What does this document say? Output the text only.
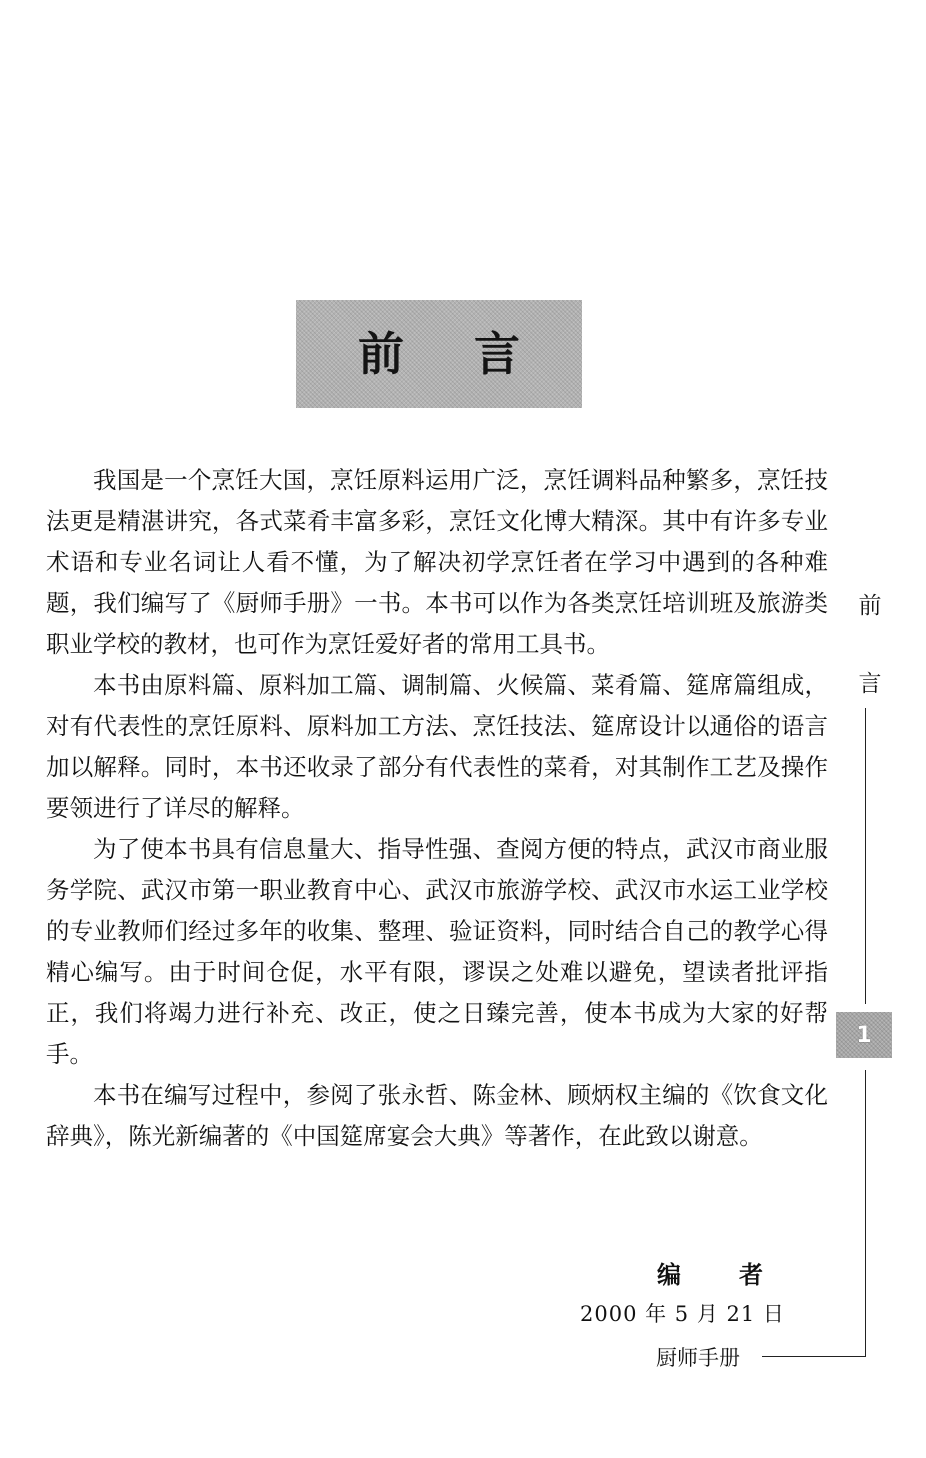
前言

我国是一个烹饪大国，烹饪原料运用广泛，烹饪调料品种繁多，烹饪技法更是精湛讲究，各式菜肴丰富多彩，烹饪文化博大精深。其中有许多专业术语和专业名词让人看不懂，为了解决初学烹饪者在学习中遇到的各种难题，我们编写了《厨师手册》一书。本书可以作为各类烹饪培训班及旅游类职业学校的教材，也可作为烹饪爱好者的常用工具书。

本书由原料篇、原料加工篇、调制篇、火候篇、菜肴篇、筵席篇组成，对有代表性的烹饪原料、原料加工方法、烹饪技法、筵席设计以通俗的语言加以解释。同时，本书还收录了部分有代表性的菜肴，对其制作工艺及操作要领进行了详尽的解释。

为了使本书具有信息量大、指导性强、查阅方便的特点，武汉市商业服务学院、武汉市第一职业教育中心、武汉市旅游学校、武汉市水运工业学校的专业教师们经过多年的收集、整理、验证资料，同时结合自己的教学心得精心编写。由于时间仓促，水平有限，谬误之处难以避免，望读者批评指正，我们将竭力进行补充、改正，使之日臻完善，使本书成为大家的好帮手。

本书在编写过程中，参阅了张永哲、陈金林、顾炳权主编的《饮食文化辞典》，陈光新编著的《中国筵席宴会大典》等著作，在此致以谢意。

编者
2000 年 5 月 21 日
前
言
1
厨师手册
